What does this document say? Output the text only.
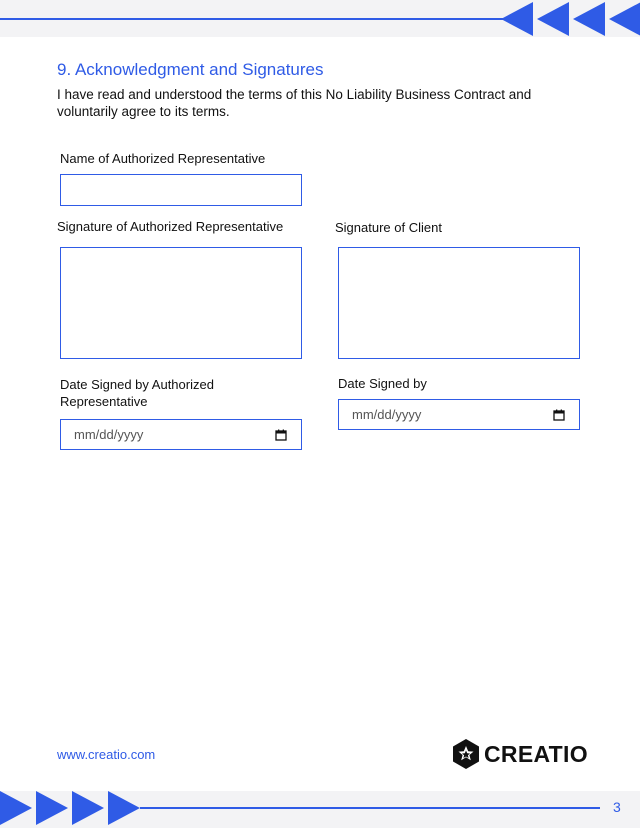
9. Acknowledgment and Signatures
I have read and understood the terms of this No Liability Business Contract and voluntarily agree to its terms.
Name of Authorized Representative
Signature of Authorized Representative	Signature of Client
Date Signed by Authorized Representative
mm/dd/yyyy
Date Signed by
mm/dd/yyyy
www.creatio.com	CREATIO
3
